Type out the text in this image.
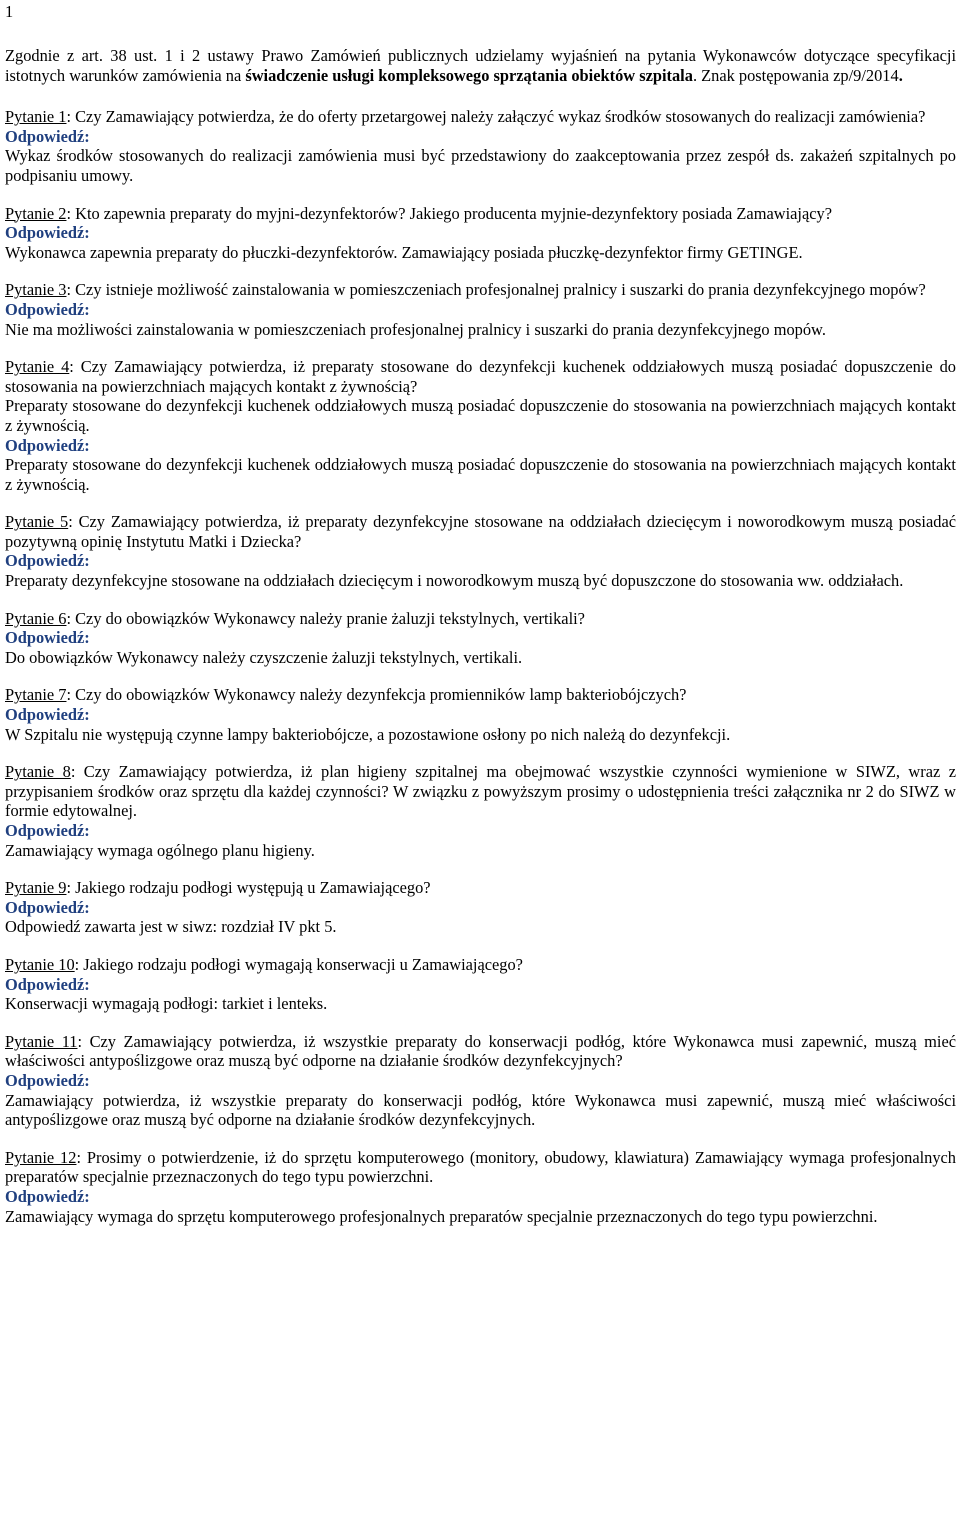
1

Zgodnie z art. 38 ust. 1 i 2 ustawy Prawo Zamówień publicznych udzielamy wyjaśnień na pytania Wykonawców dotyczące specyfikacji istotnych warunków zamówienia na świadczenie usługi kompleksowego sprzątania obiektów szpitala. Znak postępowania zp/9/2014.

Pytanie 1: Czy Zamawiający potwierdza, że do oferty przetargowej należy załączyć wykaz środków stosowanych do realizacji zamówienia?

Odpowiedź:

Wykaz środków stosowanych do realizacji zamówienia musi być przedstawiony do zaakceptowania przez zespół ds. zakażeń szpitalnych po podpisaniu umowy.

Pytanie 2: Kto zapewnia preparaty do myjni-dezynfektorów? Jakiego producenta myjnie-dezynfektory posiada Zamawiający?

Odpowiedź:

Wykonawca zapewnia preparaty do płuczki-dezynfektorów. Zamawiający posiada płuczkę-dezynfektor firmy GETINGE.

Pytanie 3: Czy istnieje możliwość zainstalowania w pomieszczeniach profesjonalnej pralnicy i suszarki do prania dezynfekcyjnego mopów?

Odpowiedź:

Nie ma możliwości zainstalowania w pomieszczeniach profesjonalnej pralnicy i suszarki do prania dezynfekcyjnego mopów.

Pytanie 4: Czy Zamawiający potwierdza, iż preparaty stosowane do dezynfekcji kuchenek oddziałowych muszą posiadać dopuszczenie do stosowania na powierzchniach mających kontakt z żywnością?

Preparaty stosowane do dezynfekcji kuchenek oddziałowych muszą posiadać dopuszczenie do stosowania na powierzchniach mających kontakt z żywnością.

Odpowiedź:

Preparaty stosowane do dezynfekcji kuchenek oddziałowych muszą posiadać dopuszczenie do stosowania na powierzchniach mających kontakt z żywnością.

Pytanie 5: Czy Zamawiający potwierdza, iż preparaty dezynfekcyjne stosowane na oddziałach dziecięcym i noworodkowym muszą posiadać pozytywną opinię Instytutu Matki i Dziecka?

Odpowiedź:

Preparaty dezynfekcyjne stosowane na oddziałach dziecięcym i noworodkowym muszą być dopuszczone do stosowania ww. oddziałach.

Pytanie 6: Czy do obowiązków Wykonawcy należy pranie żaluzji tekstylnych, vertikali?

Odpowiedź:

Do obowiązków Wykonawcy należy czyszczenie żaluzji tekstylnych, vertikali.

Pytanie 7: Czy do obowiązków Wykonawcy należy dezynfekcja promienników lamp bakteriobójczych?

Odpowiedź:

W Szpitalu nie występują czynne lampy bakteriobójcze, a pozostawione osłony po nich należą do dezynfekcji.

Pytanie 8: Czy Zamawiający potwierdza, iż plan higieny szpitalnej ma obejmować wszystkie czynności wymienione w SIWZ, wraz z przypisaniem środków oraz sprzętu dla każdej czynności? W związku z powyższym prosimy o udostępnienia treści załącznika nr 2 do SIWZ w formie edytowalnej.

Odpowiedź:

Zamawiający wymaga ogólnego planu higieny.

Pytanie 9: Jakiego rodzaju podłogi występują u Zamawiającego?

Odpowiedź:

Odpowiedź zawarta jest w siwz: rozdział IV pkt 5.

Pytanie 10: Jakiego rodzaju podłogi wymagają konserwacji u Zamawiającego?

Odpowiedź:

Konserwacji wymagają podłogi: tarkiet i lenteks.

Pytanie 11: Czy Zamawiający potwierdza, iż wszystkie preparaty do konserwacji podłóg, które Wykonawca musi zapewnić, muszą mieć właściwości antypoślizgowe oraz muszą być odporne na działanie środków dezynfekcyjnych?

Odpowiedź:

Zamawiający potwierdza, iż wszystkie preparaty do konserwacji podłóg, które Wykonawca musi zapewnić, muszą mieć właściwości antypoślizgowe oraz muszą być odporne na działanie środków dezynfekcyjnych.

Pytanie 12: Prosimy o potwierdzenie, iż do sprzętu komputerowego (monitory, obudowy, klawiatura) Zamawiający wymaga profesjonalnych preparatów specjalnie przeznaczonych do tego typu powierzchni.

Odpowiedź:

Zamawiający wymaga do sprzętu komputerowego profesjonalnych preparatów specjalnie przeznaczonych do tego typu powierzchni.
